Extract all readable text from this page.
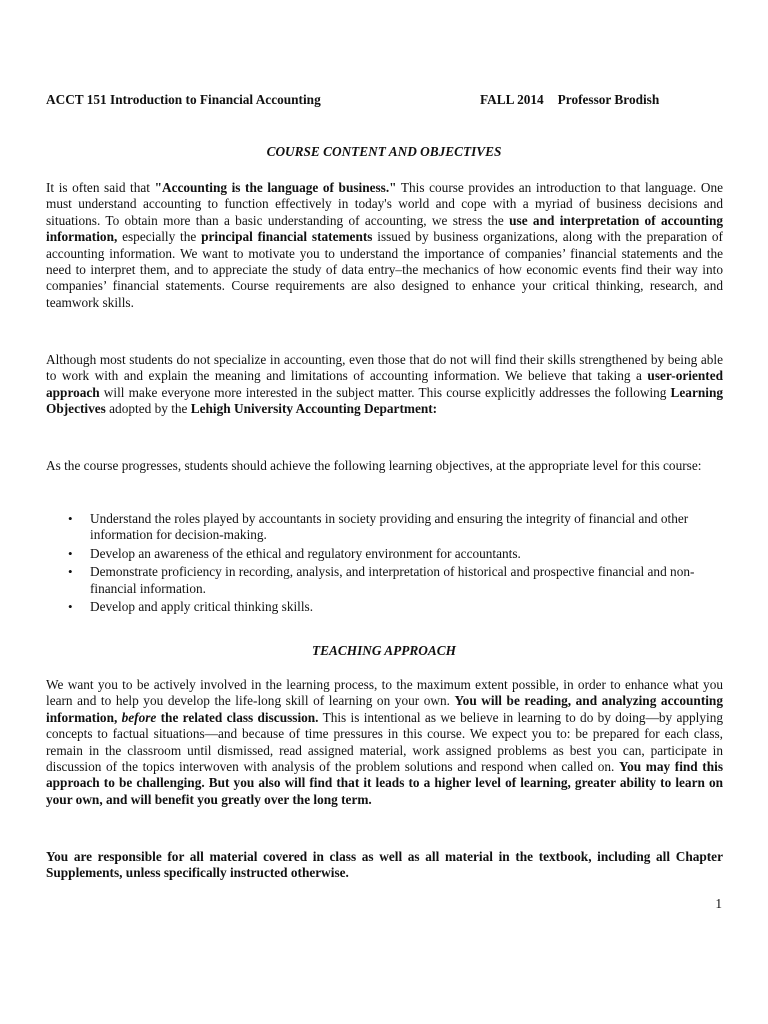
ACCT 151 Introduction to Financial Accounting	FALL 2014 Professor Brodish
COURSE CONTENT AND OBJECTIVES

It is often said that "Accounting is the language of business." This course provides an introduction to that language. One must understand accounting to function effectively in today's world and cope with a myriad of business decisions and situations. To obtain more than a basic understanding of accounting, we stress the use and interpretation of accounting information, especially the principal financial statements issued by business organizations, along with the preparation of accounting information. We want to motivate you to understand the importance of companies’ financial statements and the need to interpret them, and to appreciate the study of data entry–the mechanics of how economic events find their way into companies’ financial statements. Course requirements are also designed to enhance your critical thinking, research, and teamwork skills.

Although most students do not specialize in accounting, even those that do not will find their skills strengthened by being able to work with and explain the meaning and limitations of accounting information. We believe that taking a user-oriented approach will make everyone more interested in the subject matter. This course explicitly addresses the following Learning Objectives adopted by the Lehigh University Accounting Department:

As the course progresses, students should achieve the following learning objectives, at the appropriate level for this course:

• Understand the roles played by accountants in society providing and ensuring the integrity of financial and other information for decision-making.
• Develop an awareness of the ethical and regulatory environment for accountants.
• Demonstrate proficiency in recording, analysis, and interpretation of historical and prospective financial and non-financial information.
• Develop and apply critical thinking skills.
TEACHING APPROACH

We want you to be actively involved in the learning process, to the maximum extent possible, in order to enhance what you learn and to help you develop the life-long skill of learning on your own. You will be reading, and analyzing accounting information, before the related class discussion. This is intentional as we believe in learning to do by doing—by applying concepts to factual situations—and because of time pressures in this course. We expect you to: be prepared for each class, remain in the classroom until dismissed, read assigned material, work assigned problems as best you can, participate in discussion of the topics interwoven with analysis of the problem solutions and respond when called on. You may find this approach to be challenging. But you also will find that it leads to a higher level of learning, greater ability to learn on your own, and will benefit you greatly over the long term.

You are responsible for all material covered in class as well as all material in the textbook, including all Chapter Supplements, unless specifically instructed otherwise.

1
